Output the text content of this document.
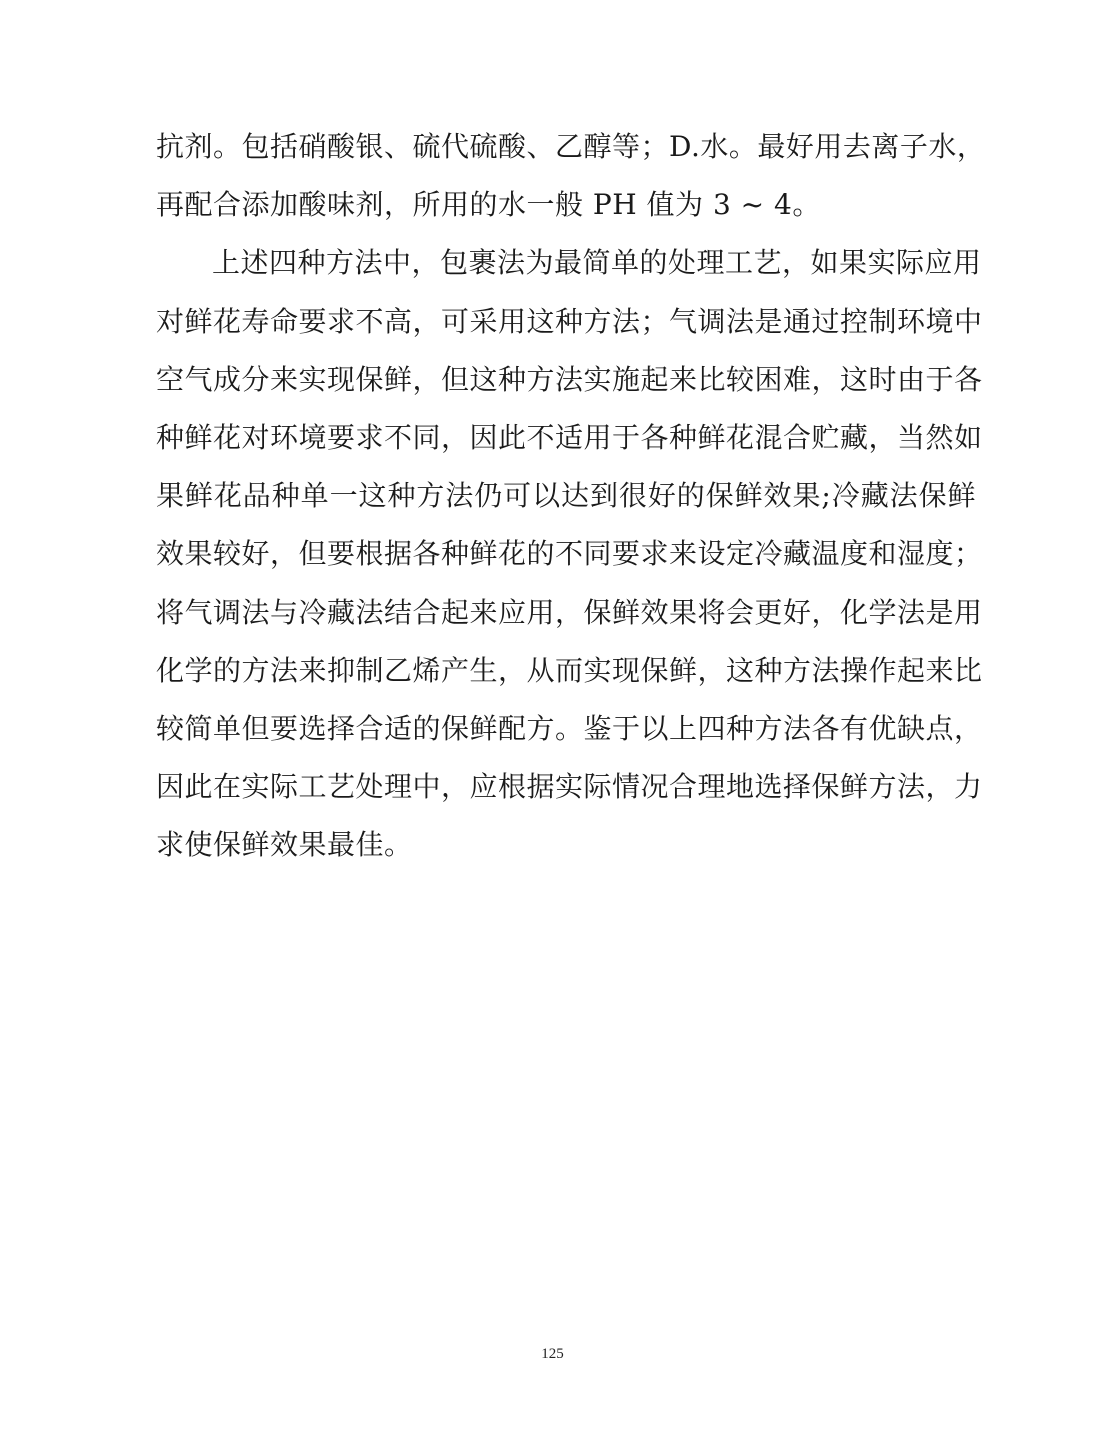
抗剂。包括硝酸银、硫代硫酸、乙醇等；D.水。最好用去离子水，
再配合添加酸味剂，所用的水一般 PH 值为 3 ~ 4。
上述四种方法中，包裹法为最简单的处理工艺，如果实际应用
对鲜花寿命要求不高，可采用这种方法；气调法是通过控制环境中
空气成分来实现保鲜，但这种方法实施起来比较困难，这时由于各
种鲜花对环境要求不同，因此不适用于各种鲜花混合贮藏，当然如
果鲜花品种单一这种方法仍可以达到很好的保鲜效果;冷藏法保鲜
效果较好，但要根据各种鲜花的不同要求来设定冷藏温度和湿度；
将气调法与冷藏法结合起来应用，保鲜效果将会更好，化学法是用
化学的方法来抑制乙烯产生，从而实现保鲜，这种方法操作起来比
较简单但要选择合适的保鲜配方。鉴于以上四种方法各有优缺点，
因此在实际工艺处理中，应根据实际情况合理地选择保鲜方法，力
求使保鲜效果最佳。
125
